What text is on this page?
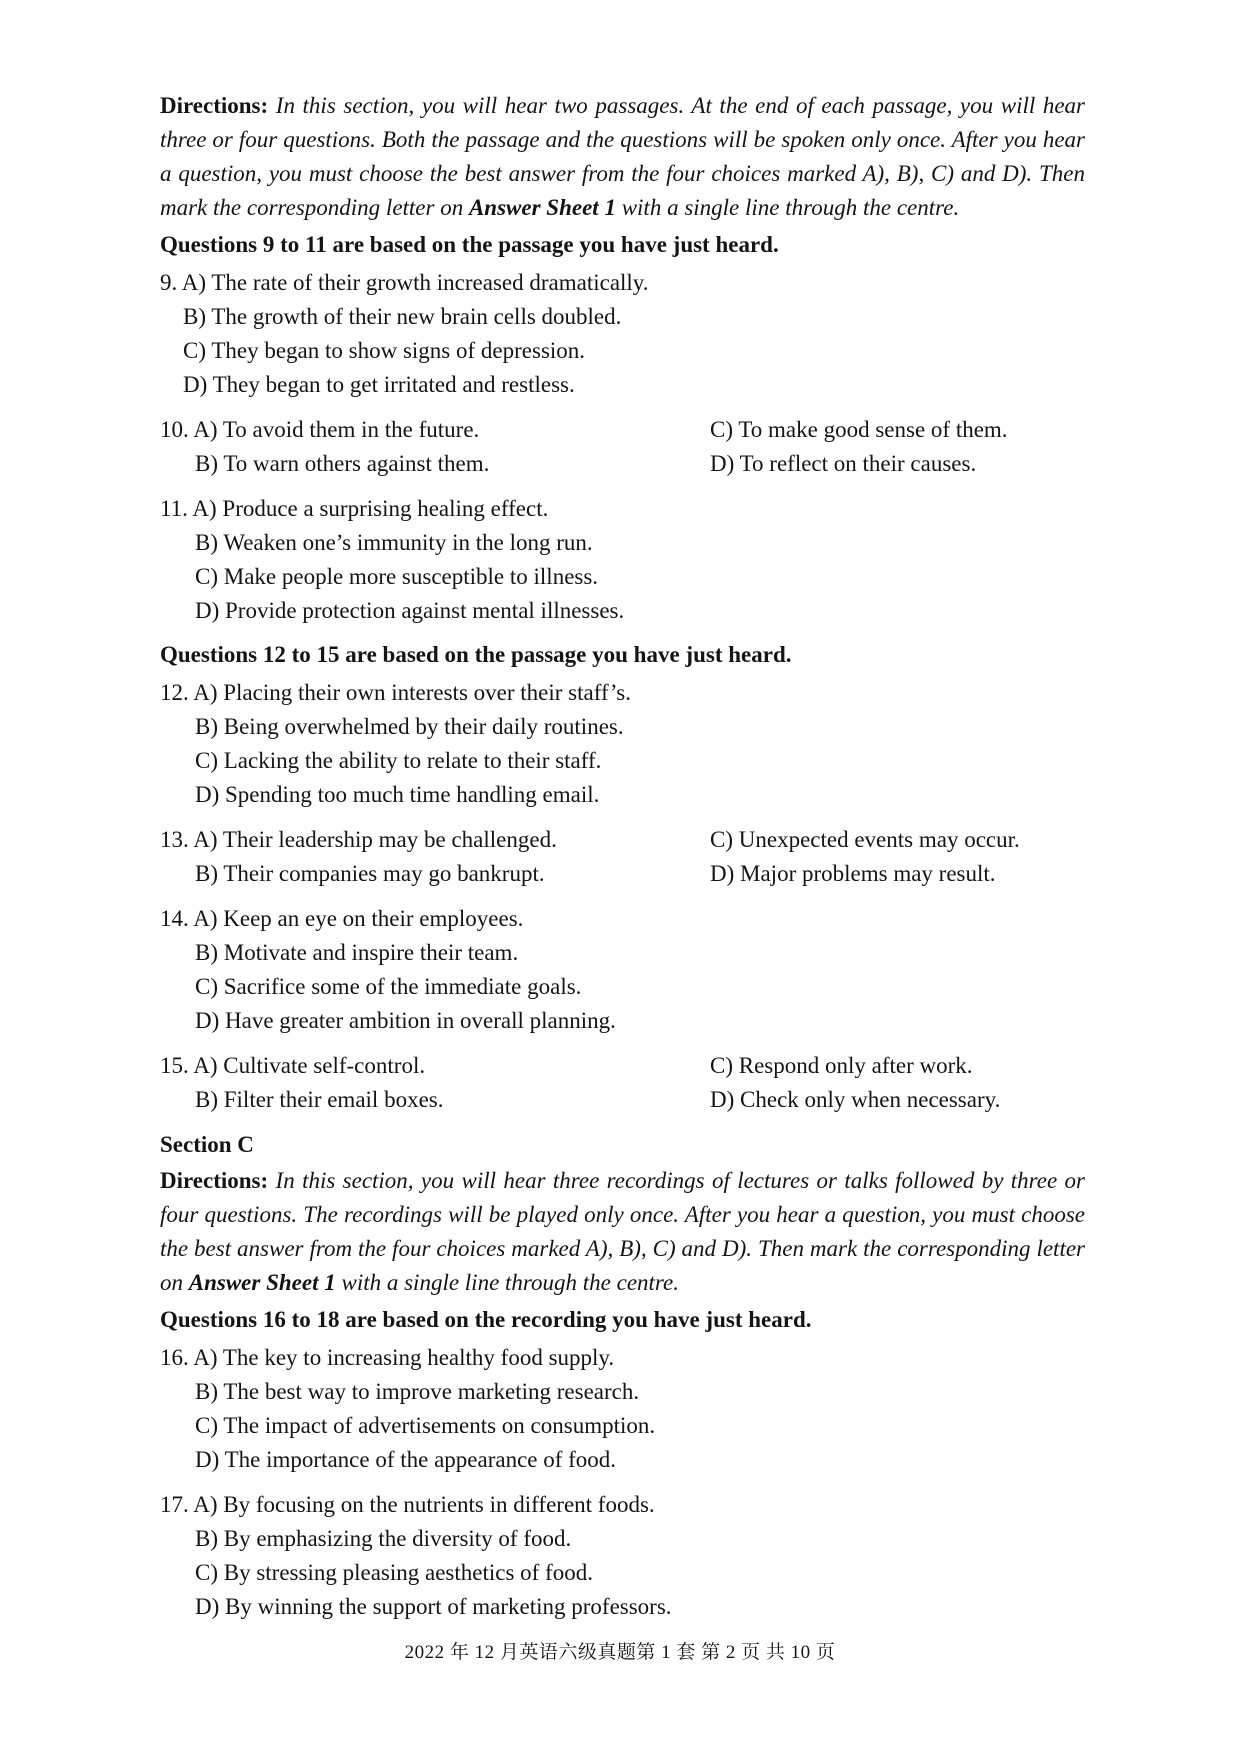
Directions: In this section, you will hear two passages. At the end of each passage, you will hear three or four questions. Both the passage and the questions will be spoken only once. After you hear a question, you must choose the best answer from the four choices marked A), B), C) and D). Then mark the corresponding letter on Answer Sheet 1 with a single line through the centre.

Questions 9 to 11 are based on the passage you have just heard.
9. A) The rate of their growth increased dramatically.
B) The growth of their new brain cells doubled.
C) They began to show signs of depression.
D) They began to get irritated and restless.
10. A) To avoid them in the future.	C) To make good sense of them.
B) To warn others against them.	D) To reflect on their causes.
11. A) Produce a surprising healing effect.
B) Weaken one’s immunity in the long run.
C) Make people more susceptible to illness.
D) Provide protection against mental illnesses.
Questions 12 to 15 are based on the passage you have just heard.
12. A) Placing their own interests over their staff’s.
B) Being overwhelmed by their daily routines.
C) Lacking the ability to relate to their staff.
D) Spending too much time handling email.
13. A) Their leadership may be challenged.	C) Unexpected events may occur.
B) Their companies may go bankrupt.	D) Major problems may result.
14. A) Keep an eye on their employees.
B) Motivate and inspire their team.
C) Sacrifice some of the immediate goals.
D) Have greater ambition in overall planning.
15. A) Cultivate self-control.	C) Respond only after work.
B) Filter their email boxes.	D) Check only when necessary.
Section C

Directions: In this section, you will hear three recordings of lectures or talks followed by three or four questions. The recordings will be played only once. After you hear a question, you must choose the best answer from the four choices marked A), B), C) and D). Then mark the corresponding letter on Answer Sheet 1 with a single line through the centre.

Questions 16 to 18 are based on the recording you have just heard.
16. A) The key to increasing healthy food supply.
B) The best way to improve marketing research.
C) The impact of advertisements on consumption.
D) The importance of the appearance of food.
17. A) By focusing on the nutrients in different foods.
B) By emphasizing the diversity of food.
C) By stressing pleasing aesthetics of food.
D) By winning the support of marketing professors.
2022 年 12 月英语六级真题第 1 套 第 2 页 共 10 页
